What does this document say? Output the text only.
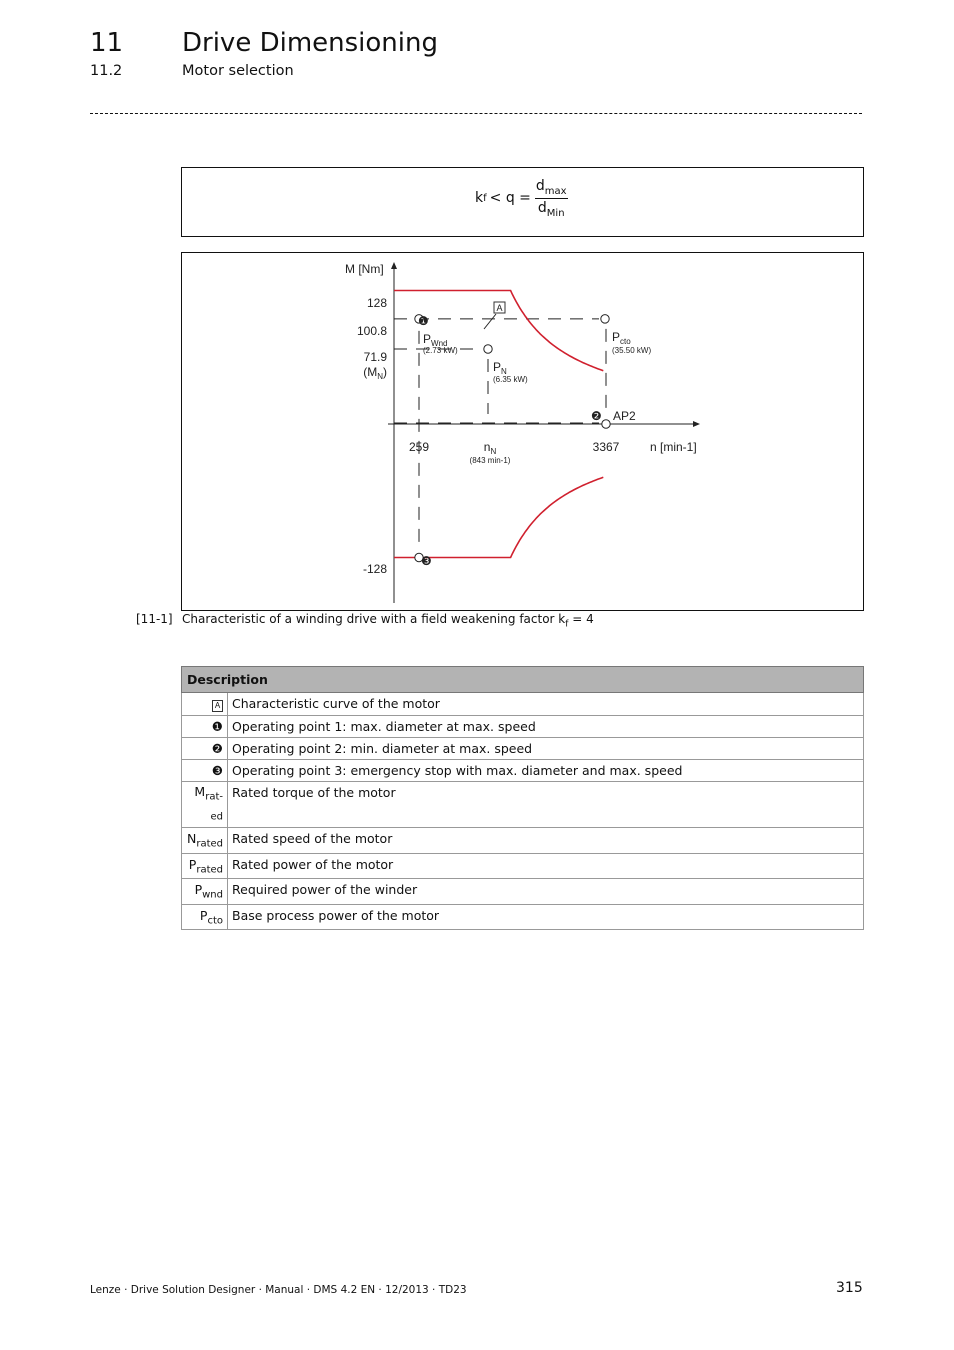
11 Drive Dimensioning
11.2	Motor selection
k $f < q = \frac{d_{max}}{d_{Min}}$
A
128
100.8
71.9
$(M_N)$
-128
M [Nm]
259	$n_N$
(843 min-1)
3367	n [min-1]
$P_{Wnd}$
(2.73 kW)
$P_N$
(6.35 kW)
$P_{cto}$
(35.50 kW)
AP2
❶
❷
❸
[11-1] Characteristic of a winding drive with a field weakening factor $k_f = 4$
Description	
A	Characteristic curve of the motor
❶	Operating point 1: max. diameter at max. speed
❷	Operating point 2: min. diameter at max. speed
❸	Operating point 3: emergency stop with max. diameter and max. speed
$M_{rat-ed}$	Rated torque of the motor
$N_{rated}$	Rated speed of the motor
$P_{rated}$	Rated power of the motor
$P_{wnd}$	Required power of the winder
$P_{cto}$	Base process power of the motor
Lenze · Drive Solution Designer · Manual · DMS 4.2 EN · 12/2013 · TD23	315
